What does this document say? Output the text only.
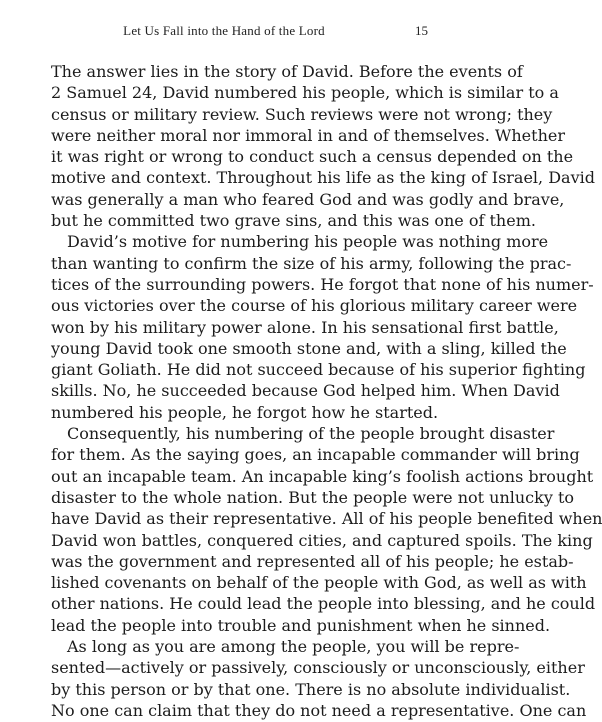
Let Us Fall into the Hand of the Lord	15
The answer lies in the story of David. Before the events of
2 Samuel 24, David numbered his people, which is similar to a
census or military review. Such reviews were not wrong; they
were neither moral nor immoral in and of themselves. Whether
it was right or wrong to conduct such a census depended on the
motive and context. Throughout his life as the king of Israel, David
was generally a man who feared God and was godly and brave,
but he committed two grave sins, and this was one of them.
David’s motive for numbering his people was nothing more
than wanting to confirm the size of his army, following the prac-
tices of the surrounding powers. He forgot that none of his numer-
ous victories over the course of his glorious military career were
won by his military power alone. In his sensational first battle,
young David took one smooth stone and, with a sling, killed the
giant Goliath. He did not succeed because of his superior fighting
skills. No, he succeeded because God helped him. When David
numbered his people, he forgot how he started.
Consequently, his numbering of the people brought disaster
for them. As the saying goes, an incapable commander will bring
out an incapable team. An incapable king’s foolish actions brought
disaster to the whole nation. But the people were not unlucky to
have David as their representative. All of his people benefited when
David won battles, conquered cities, and captured spoils. The king
was the government and represented all of his people; he estab-
lished covenants on behalf of the people with God, as well as with
other nations. He could lead the people into blessing, and he could
lead the people into trouble and punishment when he sinned.
As long as you are among the people, you will be repre-
sented—actively or passively, consciously or unconsciously, either
by this person or by that one. There is no absolute individualist.
No one can claim that they do not need a representative. One can
